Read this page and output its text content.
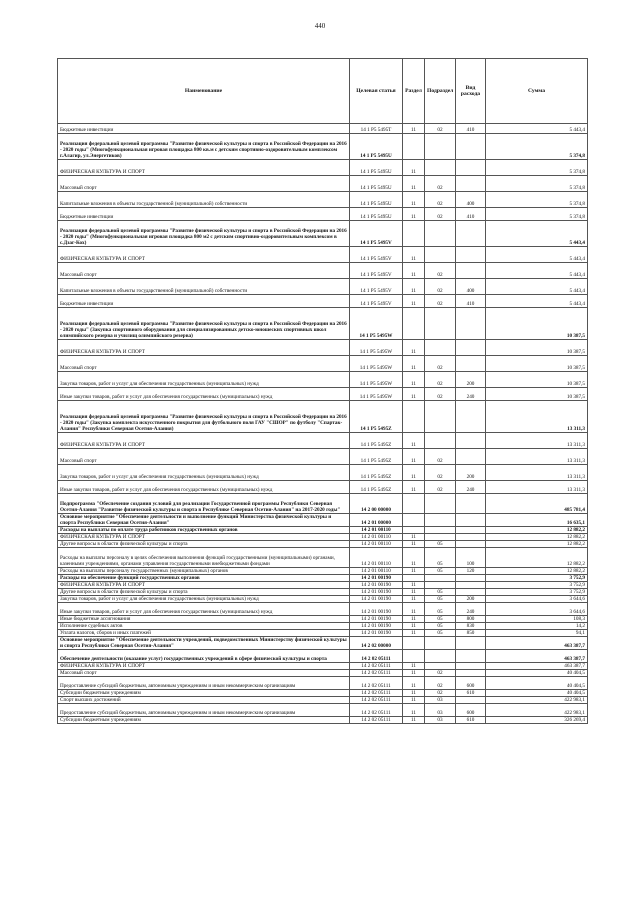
440
Наименование	Целевая статья	Раздел	Подраздел	Вид расхода	Сумма
Бюджетные инвестиции	14 1 P5 5495T	11	02	410	5 443,4
Реализация федеральной целевой программы "Развитие физической культуры и спорта в Российской Федерации на 2016 - 2020 годы" (Многофункциональная игровая площадка 800 кв.м с детским спортивно-оздоровительным комплексом г.Алагир, ул.Энергетиков)	14 1 P5 5495U				5 374,8
ФИЗИЧЕСКАЯ КУЛЬТУРА И СПОРТ	14 1 P5 5495U	11			5 374,8
Массовый спорт	14 1 P5 5495U	11	02		5 374,8
Капитальные вложения в объекты государственной (муниципальной) собственности	14 1 P5 5495U	11	02	400	5 374,8
Бюджетные инвестиции	14 1 P5 5495U	11	02	410	5 374,8
Реализация федеральной целевой программы "Развитие физической культуры и спорта в Российской Федерации на 2016 - 2020 годы" (Многофункциональная игровая площадка 800 м2 с детским спортивно-оздоровительным комплексом в с.Дзаг-Кох)	14 1 P5 5495V				5 443,4
ФИЗИЧЕСКАЯ КУЛЬТУРА И СПОРТ	14 1 P5 5495V	11			5 443,4
Массовый спорт	14 1 P5 5495V	11	02		5 443,4
Капитальные вложения в объекты государственной (муниципальной) собственности	14 1 P5 5495V	11	02	400	5 443,4
Бюджетные инвестиции	14 1 P5 5495V	11	02	410	5 443,4
Реализация федеральной целевой программы "Развитие физической культуры и спорта в Российской Федерации на 2016 - 2020 годы" (Закупка спортивного оборудования для специализированных детско-юношеских спортивных школ олимпийского резерва и училищ олимпийского резерва)	14 1 P5 5495W				10 387,5
ФИЗИЧЕСКАЯ КУЛЬТУРА И СПОРТ	14 1 P5 5495W	11			10 387,5
Массовый спорт	14 1 P5 5495W	11	02		10 387,5
Закупка товаров, работ и услуг для обеспечения государственных (муниципальных) нужд	14 1 P5 5495W	11	02	200	10 387,5
Иные закупки товаров, работ и услуг для обеспечения государственных (муниципальных) нужд	14 1 P5 5495W	11	02	240	10 387,5
Реализация федеральной целевой программы "Развитие физической культуры и спорта в Российской Федерации на 2016 - 2020 годы" (Закупка комплекта искусственного покрытия для футбольного поля ГАУ "СШОР" по футболу "Спартак-Алания" Республики Северная Осетия-Алания)	14 1 P5 5495Z				13 311,3
ФИЗИЧЕСКАЯ КУЛЬТУРА И СПОРТ	14 1 P5 5495Z	11			13 311,3
Массовый спорт	14 1 P5 5495Z	11	02		13 311,3
Закупка товаров, работ и услуг для обеспечения государственных (муниципальных) нужд	14 1 P5 5495Z	11	02	200	13 311,3
Иные закупки товаров, работ и услуг для обеспечения государственных (муниципальных) нужд	14 1 P5 5495Z	11	02	240	13 311,3
Подпрограмма "Обеспечение создания условий для реализации Государственной программы Республики Северная Осетия-Алания "Развитие физической культуры и спорта в Республике Северная Осетия-Алания" на 2017-2020 годы"	14 2 00 00000				485 781,4
Основное мероприятие "Обеспечение деятельности и выполнение функций Министерства физической культуры и спорта Республики Северная Осетия-Алания"	14 2 01 00000				16 635,1
Расходы на выплаты по оплате труда работников государственных органов	14 2 01 00110				12 882,2
ФИЗИЧЕСКАЯ КУЛЬТУРА И СПОРТ	14 2 01 00110	11			12 882,2
Другие вопросы в области физической культуры и спорта	14 2 01 00110	11	05		12 882,2
Расходы на выплаты персоналу в целях обеспечения выполнения функций государственными (муниципальными) органами, казенными учреждениями, органами управления государственными внебюджетными фондами	14 2 01 00110	11	05	100	12 882,2
Расходы на выплаты персоналу государственных (муниципальных) органов	14 2 01 00110	11	05	120	12 882,2
Расходы на обеспечение функций государственных органов	14 2 01 00190				3 752,9
ФИЗИЧЕСКАЯ КУЛЬТУРА И СПОРТ	14 2 01 00190	11			3 752,9
Другие вопросы в области физической культуры и спорта	14 2 01 00190	11	05		3 752,9
Закупка товаров, работ и услуг для обеспечения государственных (муниципальных) нужд	14 2 01 00190	11	05	200	3 644,6
Иные закупки товаров, работ и услуг для обеспечения государственных (муниципальных) нужд	14 2 01 00190	11	05	240	3 644,6
Иные бюджетные ассигнования	14 2 01 00190	11	05	800	108,3
Исполнение судебных актов	14 2 01 00190	11	05	830	14,2
Уплата налогов, сборов и иных платежей	14 2 01 00190	11	05	850	94,1
Основное мероприятие "Обеспечение деятельности учреждений, подведомственных Министерству физической культуры и спорта Республики Северная Осетия-Алания"	14 2 02 00000				463 387,7
Обеспечение деятельности (оказание услуг) государственных учреждений в сфере физической культуры и спорта	14 2 02 05111				463 387,7
ФИЗИЧЕСКАЯ КУЛЬТУРА И СПОРТ	14 2 02 05111	11			463 387,7
Массовый спорт	14 2 02 05111	11	02		40 404,5
Предоставление субсидий бюджетным, автономным учреждениям и иным некоммерческим организациям	14 2 02 05111	11	02	600	40 404,5
Субсидии бюджетным учреждениям	14 2 02 05111	11	02	610	40 404,5
Спорт высших достижений	14 2 02 05111	11	03		422 983,1
Предоставление субсидий бюджетным, автономным учреждениям и иным некоммерческим организациям	14 2 02 05111	11	03	600	422 983,1
Субсидии бюджетным учреждениям	14 2 02 05111	11	03	610	326 269,4
